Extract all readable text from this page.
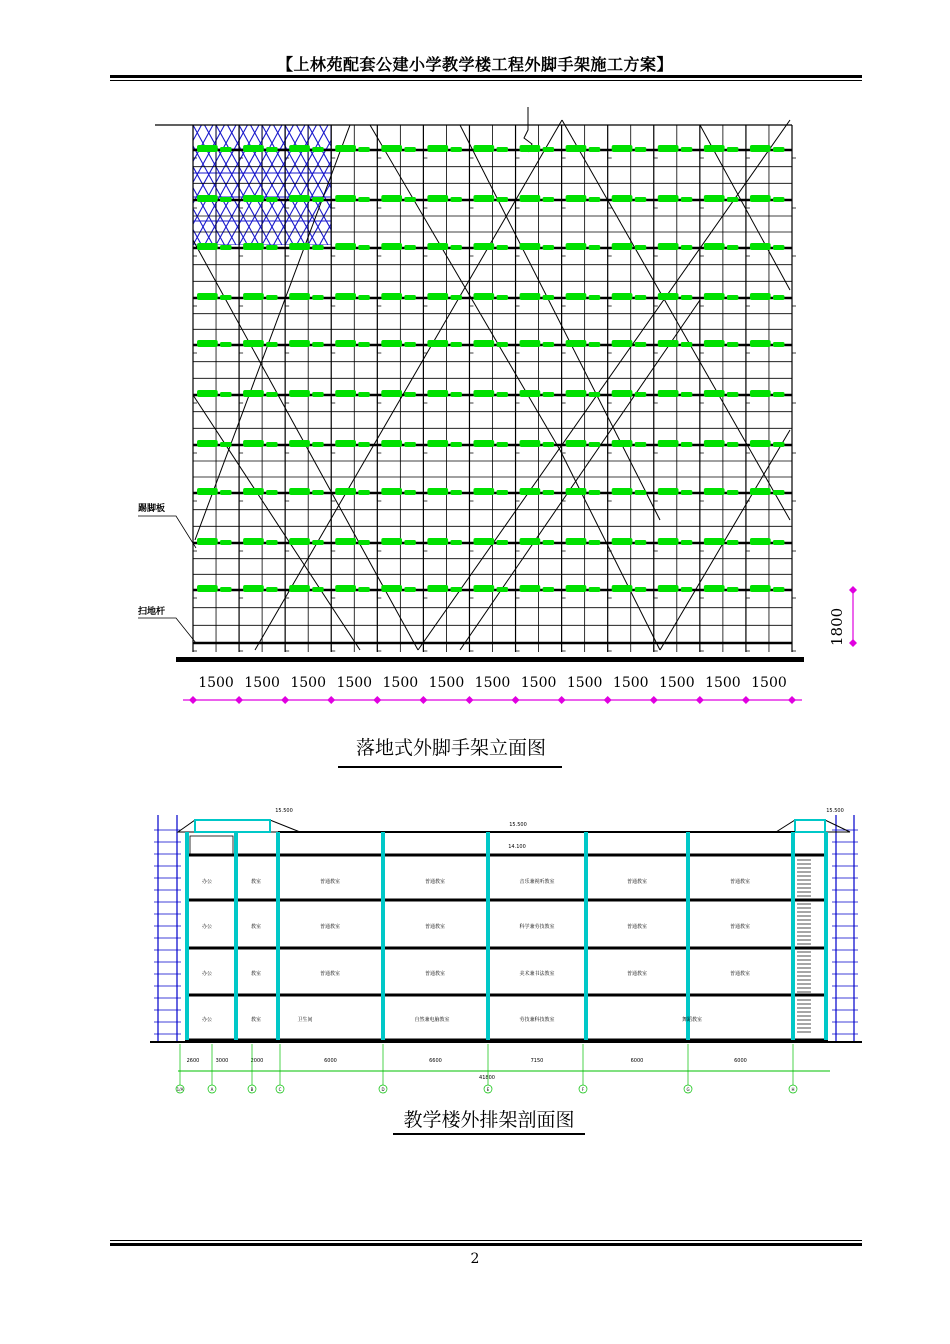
【上林苑配套公建小学教学楼工程外脚手架施工方案】
1500 1500 1500 1500 1500 1500 1500 1500 1500 1500 1500 1500 1500
踢脚板
扫地杆	1800
落地式外脚手架立面图
办公	教室	普通教室	普通教室	音乐兼视听教室	普通教室	普通教室
办公	教室	普通教室	普通教室	科学兼劳技教室	普通教室	普通教室
办公	教室	普通教室	普通教室	美术兼书法教室	普通教室	普通教室
办公	教室	卫生间	自然兼电脑教室	劳技兼科技教室	舞蹈教室
15.500	15.500
15.500
14.100
2600	3000	2000	6000	6600	7150	6000	6000
41800
1/A	A	B	C	D	E	F	G	H
教学楼外排架剖面图
2
